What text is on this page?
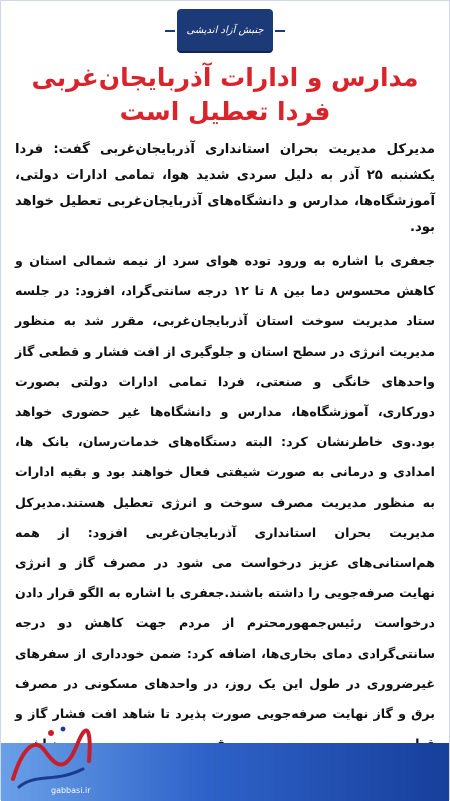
جنبش آزاد اندیشی
مدارس و ادارات آذربایجان‌غربی فردا تعطیل است

مدیرکل مدیریت بحران استانداری آذربایجان‌غربی گفت: فردا یکشنبه ۲۵ آذر به دلیل سردی شدید هوا، تمامی ادارات دولتی، آموزشگاه‌ها، مدارس و دانشگاه‌های آذربایجان‌غربی تعطیل خواهد بود.

جعفری با اشاره به ورود توده هوای سرد از نیمه شمالی استان و کاهش محسوس دما بین ۸ تا ۱۲ درجه سانتی‌گراد، افزود: در جلسه ستاد مدیریت سوخت استان آذربایجان‌غربی، مقرر شد به منظور مدیریت انرژی در سطح استان و جلوگیری از افت فشار و قطعی گاز واحدهای خانگی و صنعتی، فردا تمامی ادارات دولتی بصورت دورکاری، آموزشگاه‌ها، مدارس و دانشگاه‌ها غیر حضوری خواهد بود.وی خاطرنشان کرد: البته دستگاه‌های خدمات‌رسان، بانک ها، امدادی و درمانی به صورت شیفتی فعال خواهند بود و بقیه ادارات به منظور مدیریت مصرف سوخت و انرژی تعطیل هستند.مدیرکل مدیریت بحران استانداری آذربایجان‌غربی افزود: از همه هم‌استانی‌های عزیز درخواست می شود در مصرف گاز و انرژی نهایت صرفه‌جویی را داشته باشند.جعفری با اشاره به الگو قرار دادن درخواست رئیس‌جمهورمحترم از مردم جهت کاهش دو درجه سانتی‌گرادی دمای بخاری‌ها، اضافه کرد: ضمن خودداری از سفرهای غیرضروری در طول این یک روز، در واحدهای مسکونی در مصرف برق و گاز نهایت صرفه‌جویی صورت پذیرد تا شاهد افت فشار گاز و

gabbasi.ir
